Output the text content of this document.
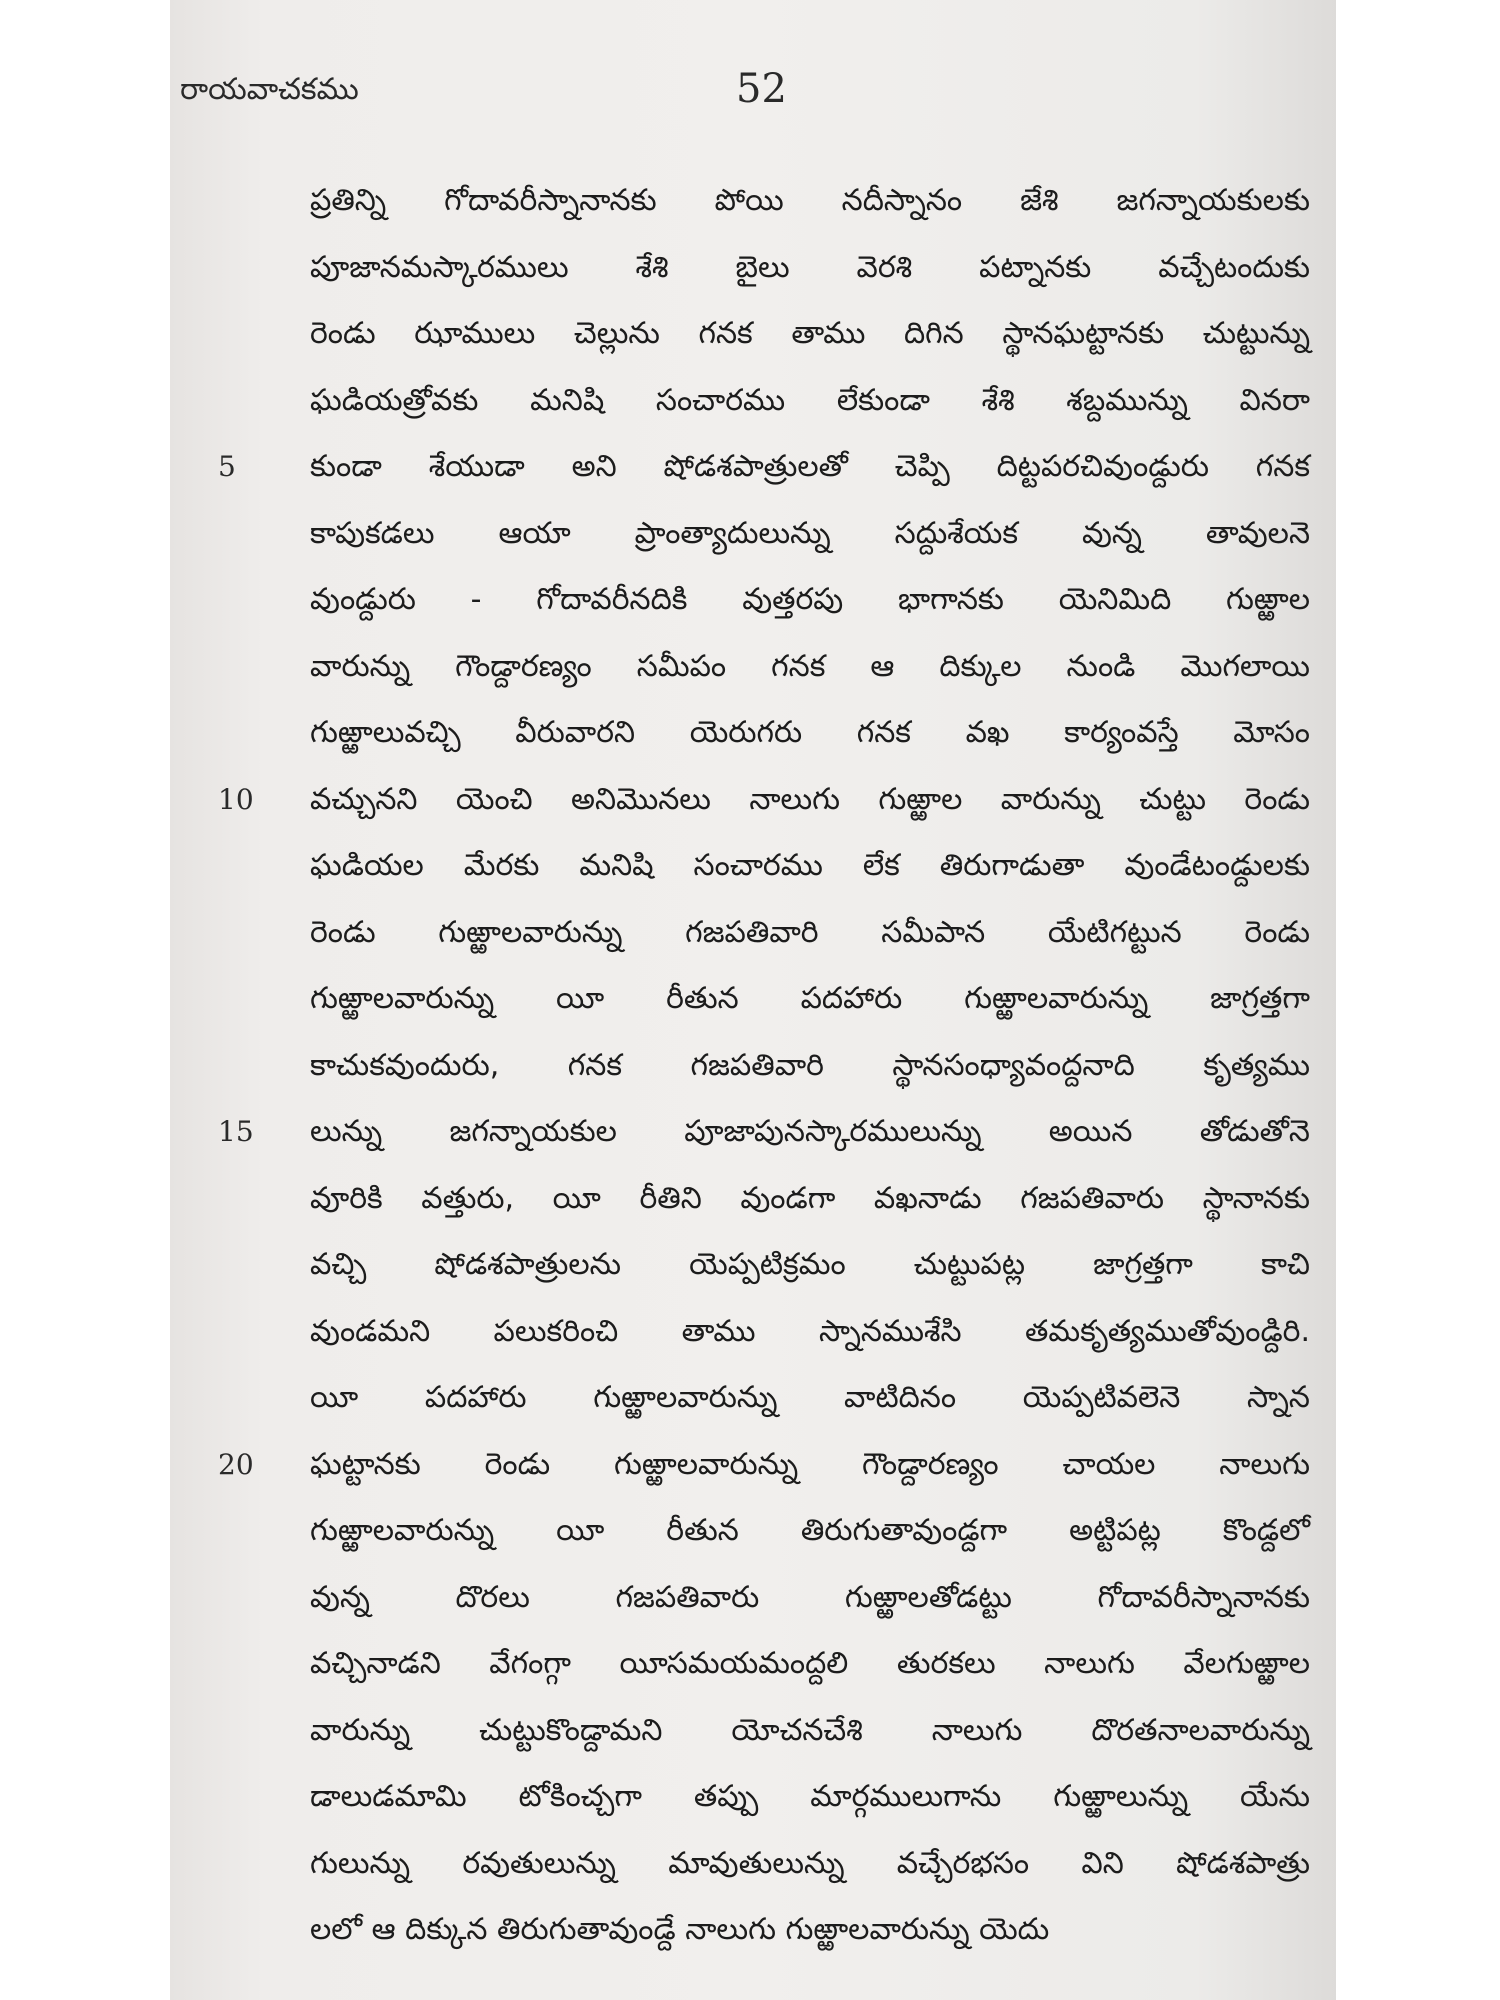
రాయవాచకము	52
5
10
15
20
ప్రతిన్ని గోదావరీస్నానానకు పోయి నదీస్నానం జేశి జగన్నాయకులకు
పూజానమస్కారములు శేశి బైలు వెరశి పట్నానకు వచ్చేటందుకు
రెండు ఝాములు చెల్లును గనక తాము దిగిన స్థానఘట్టానకు చుట్టున్ను
ఘడియత్రోవకు మనిషి సంచారము లేకుండా శేశి శబ్దమున్ను వినరా
కుండా శేయుడా అని షోడశపాత్రులతో చెప్పి దిట్టపరచివుండ్దురు గనక
కాపుకడలు ఆయా ప్రాంత్యాదులున్ను సద్దుశేయక వున్న తావులనె
వుండ్దురు - గోదావరీనదికి వుత్తరపు భాగానకు యెనిమిది గుఱ్ఱాల
వారున్ను గౌండ్దారణ్యం సమీపం గనక ఆ దిక్కుల నుండి మొగలాయి
గుఱ్ఱాలువచ్చి వీరువారని యెరుగరు గనక వఖ కార్యంవస్తే మోసం
వచ్చునని యెంచి అనిమొనలు నాలుగు గుఱ్ఱాల వారున్ను చుట్టు రెండు
ఘడియల మేరకు మనిషి సంచారము లేక తిరుగాడుతా వుండేటండ్దులకు
రెండు గుఱ్ఱాలవారున్ను గజపతివారి సమీపాన యేటిగట్టున రెండు
గుఱ్ఱాలవారున్ను యీ రీతున పదహారు గుఱ్ఱాలవారున్ను జాగ్రత్తగా
కాచుకవుందురు, గనక గజపతివారి స్థానసంధ్యావంద్దనాది కృత్యము
లున్ను జగన్నాయకుల పూజాపునస్కారములున్ను అయిన తోడుతోనె
వూరికి వత్తురు, యీ రీతిని వుండగా వఖనాడు గజపతివారు స్థానానకు
వచ్చి షోడశపాత్రులను యెప్పటిక్రమం చుట్టుపట్ల జాగ్రత్తగా కాచి
వుండమని పలుకరించి తాము స్నానముశేసి తమకృత్యముతోవుండ్దిరి.
యీ పదహారు గుఱ్ఱాలవారున్ను వాటిదినం యెప్పటివలెనె స్నాన
ఘట్టానకు రెండు గుఱ్ఱాలవారున్ను గౌండ్దారణ్యం చాయల నాలుగు
గుఱ్ఱాలవారున్ను యీ రీతున తిరుగుతావుండ్దగా అట్టిపట్ల కొండ్దలో
వున్న దొరలు గజపతివారు గుఱ్ఱాలతోడట్టు గోదావరీస్నానానకు
వచ్చినాడని వేగంగ్గా యీసమయమంద్దలి తురకలు నాలుగు వేలగుఱ్ఱాల
వారున్ను చుట్టుకొండ్దామని యోచనచేశి నాలుగు దొరతనాలవారున్ను
డాలుడమామి టోకించ్చగా తప్పు మార్గములుగాను గుఱ్ఱాలున్ను యేను
గులున్ను రవుతులున్ను మావుతులున్ను వచ్చేరభసం విని షోడశపాత్రు
లలో ఆ దిక్కున తిరుగుతావుండ్దే నాలుగు గుఱ్ఱాలవారున్ను యెదు
